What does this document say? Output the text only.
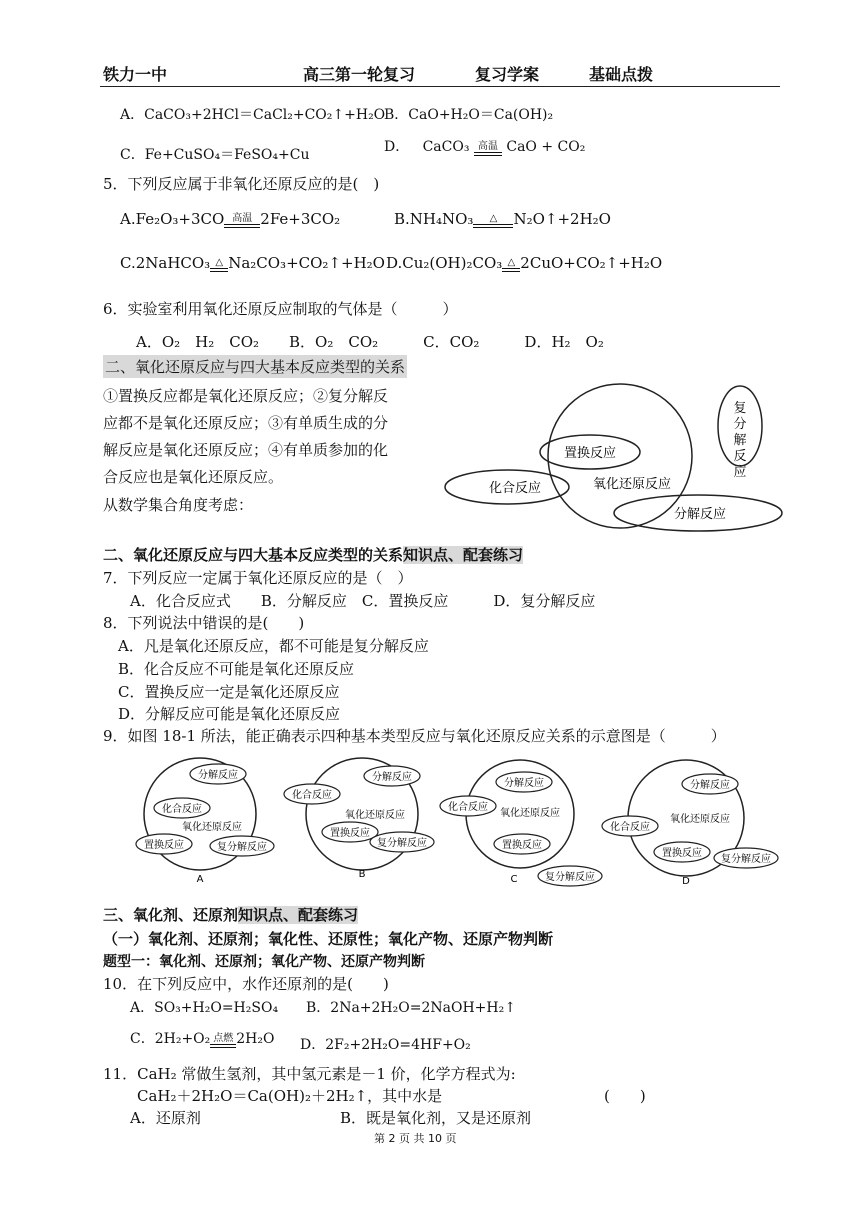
铁力一中	高三第一轮复习	复习学案	基础点拨
A．CaCO₃+2HCl＝CaCl₂+CO₂↑+H₂O
B．CaO+H₂O＝Ca(OH)₂
C．Fe+CuSO₄＝FeSO₄+Cu	D． CaCO₃ 高温 CaO + CO₂
5．下列反应属于非氧化还原反应的是(　)
A.Fe₂O₃+3CO 高温 2Fe+3CO₂	B.NH₄NO₃	△	N₂O↑+2H₂O
C.2NaHCO₃ △ Na₂CO₃+CO₂↑+H₂O D.Cu₂(OH)₂CO₃ △ 2CuO+CO₂↑+H₂O
6．实验室利用氧化还原反应制取的气体是（　　　）
A．O₂　H₂　CO₂　　B．O₂　CO₂　　　C．CO₂　　　D．H₂　O₂
二、氧化还原反应与四大基本反应类型的关系
①置换反应都是氧化还原反应；②复分解反
应都不是氧化还原反应；③有单质生成的分
解反应是氧化还原反应；④有单质参加的化
合反应也是氧化还原反应。
从数学集合角度考虑：
置换反应
氧化还原反应
化合反应
分解反应
复
分
解
反
应
二、氧化还原反应与四大基本反应类型的关系知识点、配套练习
7．下列反应一定属于氧化还原反应的是（　）
A．化合反应式　　B．分解反应　C．置换反应　　　D．复分解反应
8．下列说法中错误的是(　　)
A．凡是氧化还原反应，都不可能是复分解反应
B．化合反应不可能是氧化还原反应
C．置换反应一定是氧化还原反应
D．分解反应可能是氧化还原反应
9．如图 18-1 所法，能正确表示四种基本类型反应与氧化还原反应关系的示意图是（　　　）
分解反应
化合反应
氧化还原反应
置换反应	复分解反应
A
分解反应
化合反应
氧化还原反应
置换反应
复分解反应
B
分解反应
化合反应
氧化还原反应
置换反应
复分解反应
C
分解反应
化合反应
氧化还原反应
置换反应
复分解反应
D
三、氧化剂、还原剂知识点、配套练习
（一）氧化剂、还原剂；氧化性、还原性；氧化产物、还原产物判断
题型一：氧化剂、还原剂；氧化产物、还原产物判断
10．在下列反应中，水作还原剂的是(　　)
A．SO₃+H₂O=H₂SO₄ B．2Na+2H₂O=2NaOH+H₂↑
C．2H₂+O₂ 点燃 2H₂O D．2F₂+2H₂O=4HF+O₂
11．CaH₂ 常做生氢剂，其中氢元素是－1 价，化学方程式为:
CaH₂＋2H₂O＝Ca(OH)₂＋2H₂↑，其中水是	(　　)
A．还原剂	B．既是氧化剂，又是还原剂
第 2 页 共 10 页
